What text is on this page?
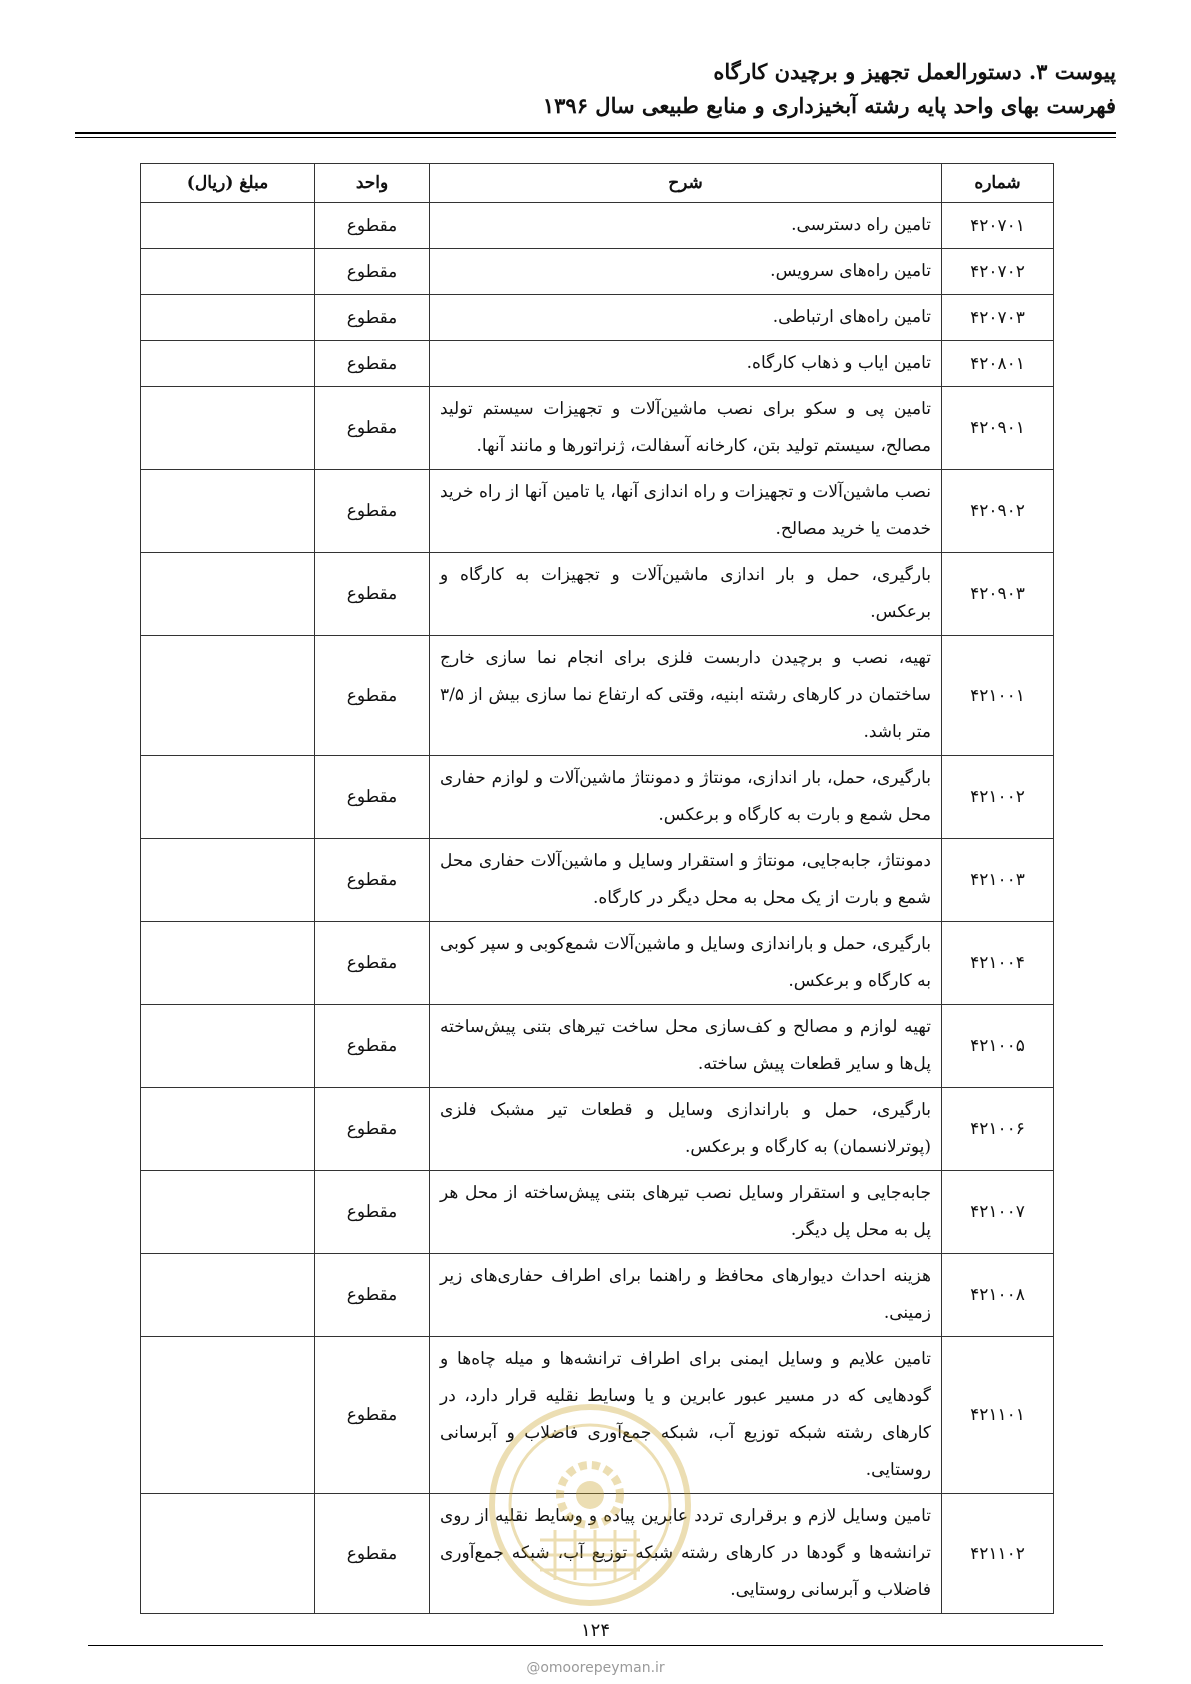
پیوست ۳. دستورالعمل تجهیز و برچیدن کارگاه
فهرست بهای واحد پایه رشته آبخیزداری و منابع طبیعی سال ۱۳۹۶
شماره	شرح	واحد	مبلغ (ریال)
۴۲۰۷۰۱	تامین راه دسترسی.	مقطوع	
۴۲۰۷۰۲	تامین راه‌های سرویس.	مقطوع	
۴۲۰۷۰۳	تامین راه‌های ارتباطی.	مقطوع	
۴۲۰۸۰۱	تامین ایاب و ذهاب کارگاه.	مقطوع	
۴۲۰۹۰۱	تامین پی و سکو برای نصب ماشین‌آلات و تجهیزات سیستم تولید مصالح، سیستم تولید بتن، کارخانه آسفالت، ژنراتورها و مانند آنها.	مقطوع	
۴۲۰۹۰۲	نصب ماشین‌آلات و تجهیزات و راه اندازی آنها، یا تامین آنها از راه خرید خدمت یا خرید مصالح.	مقطوع	
۴۲۰۹۰۳	بارگیری، حمل و بار اندازی ماشین‌آلات و تجهیزات به کارگاه و برعکس.	مقطوع	
۴۲۱۰۰۱	تهیه، نصب و برچیدن داربست فلزی برای انجام نما سازی خارج ساختمان در کارهای رشته ابنیه، وقتی که ارتفاع نما سازی بیش از ۳/۵ متر باشد.	مقطوع	
۴۲۱۰۰۲	بارگیری، حمل، بار اندازی، مونتاژ و دمونتاژ ماشین‌آلات و لوازم حفاری محل شمع و بارت به کارگاه و برعکس.	مقطوع	
۴۲۱۰۰۳	دمونتاژ، جابه‌جایی، مونتاژ و استقرار وسایل و ماشین‌آلات حفاری محل شمع و بارت از یک محل به محل دیگر در کارگاه.	مقطوع	
۴۲۱۰۰۴	بارگیری، حمل و باراندازی وسایل و ماشین‌آلات شمع‌کوبی و سپر کوبی به کارگاه و برعکس.	مقطوع	
۴۲۱۰۰۵	تهیه لوازم و مصالح و کف‌سازی محل ساخت تیرهای بتنی پیش‌ساخته پل‌ها و سایر قطعات پیش ساخته.	مقطوع	
۴۲۱۰۰۶	بارگیری، حمل و باراندازی وسایل و قطعات تیر مشبک فلزی (پوترلانسمان) به کارگاه و برعکس.	مقطوع	
۴۲۱۰۰۷	جابه‌جایی و استقرار وسایل نصب تیرهای بتنی پیش‌ساخته از محل هر پل به محل پل دیگر.	مقطوع	
۴۲۱۰۰۸	هزینه احداث دیوارهای محافظ و راهنما برای اطراف حفاری‌های زیر زمینی.	مقطوع	
۴۲۱۱۰۱	تامین علایم و وسایل ایمنی برای اطراف ترانشه‌ها و میله چاه‌ها و گودهایی که در مسیر عبور عابرین و یا وسایط نقلیه قرار دارد، در کارهای رشته شبکه توزیع آب، شبکه جمع‌آوری فاضلاب و آبرسانی روستایی.	مقطوع	
۴۲۱۱۰۲	تامین وسایل لازم و برقراری تردد عابرین پیاده و وسایط نقلیه از روی ترانشه‌ها و گودها در کارهای رشته شبکه توزیع آب، شبکه جمع‌آوری فاضلاب و آبرسانی روستایی.	مقطوع	
۱۲۴
@omoorepeyman.ir
